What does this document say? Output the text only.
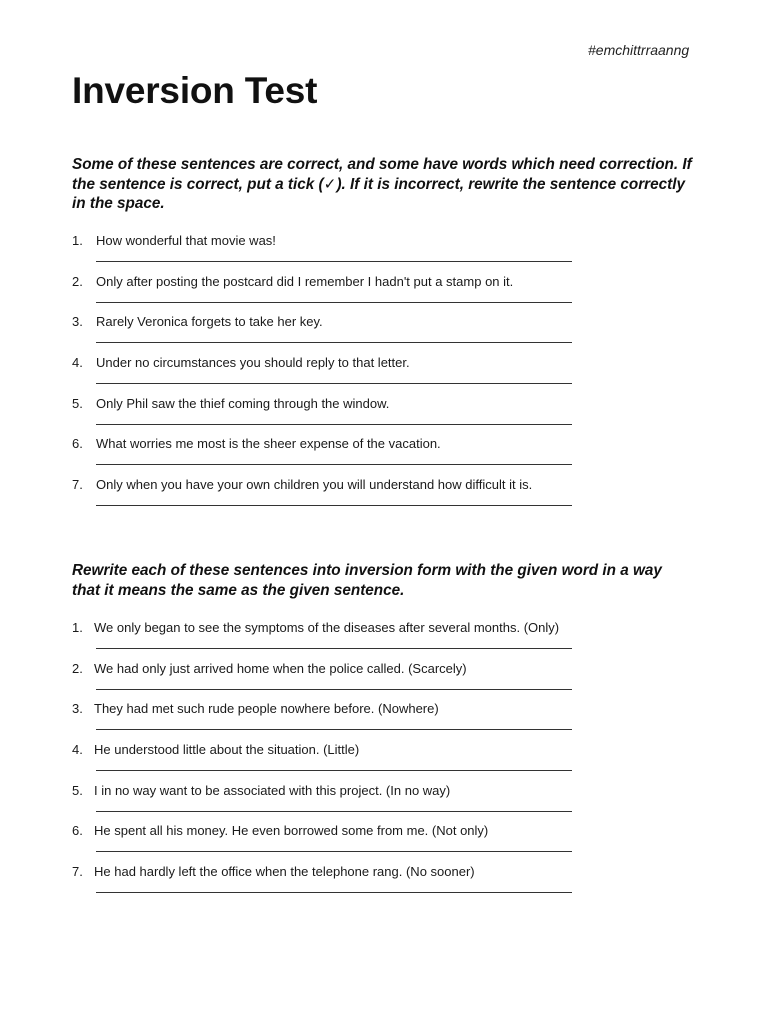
#emchittrraanng
Inversion Test

Some of these sentences are correct, and some have words which need correction. If the sentence is correct, put a tick (✓). If it is incorrect, rewrite the sentence correctly in the space.

1.	How wonderful that movie was!
2.	Only after posting the postcard did I remember I hadn't put a stamp on it.
3.	Rarely Veronica forgets to take her key.
4.	Under no circumstances you should reply to that letter.
5.	Only Phil saw the thief coming through the window.
6.	What worries me most is the sheer expense of the vacation.
7.	Only when you have your own children you will understand how difficult it is.

Rewrite each of these sentences into inversion form with the given word in a way that it means the same as the given sentence.

1. We only began to see the symptoms of the diseases after several months. (Only)
2. We had only just arrived home when the police called. (Scarcely)
3. They had met such rude people nowhere before. (Nowhere)
4. He understood little about the situation. (Little)
5. I in no way want to be associated with this project. (In no way)
6. He spent all his money. He even borrowed some from me. (Not only)
7. He had hardly left the office when the telephone rang. (No sooner)
